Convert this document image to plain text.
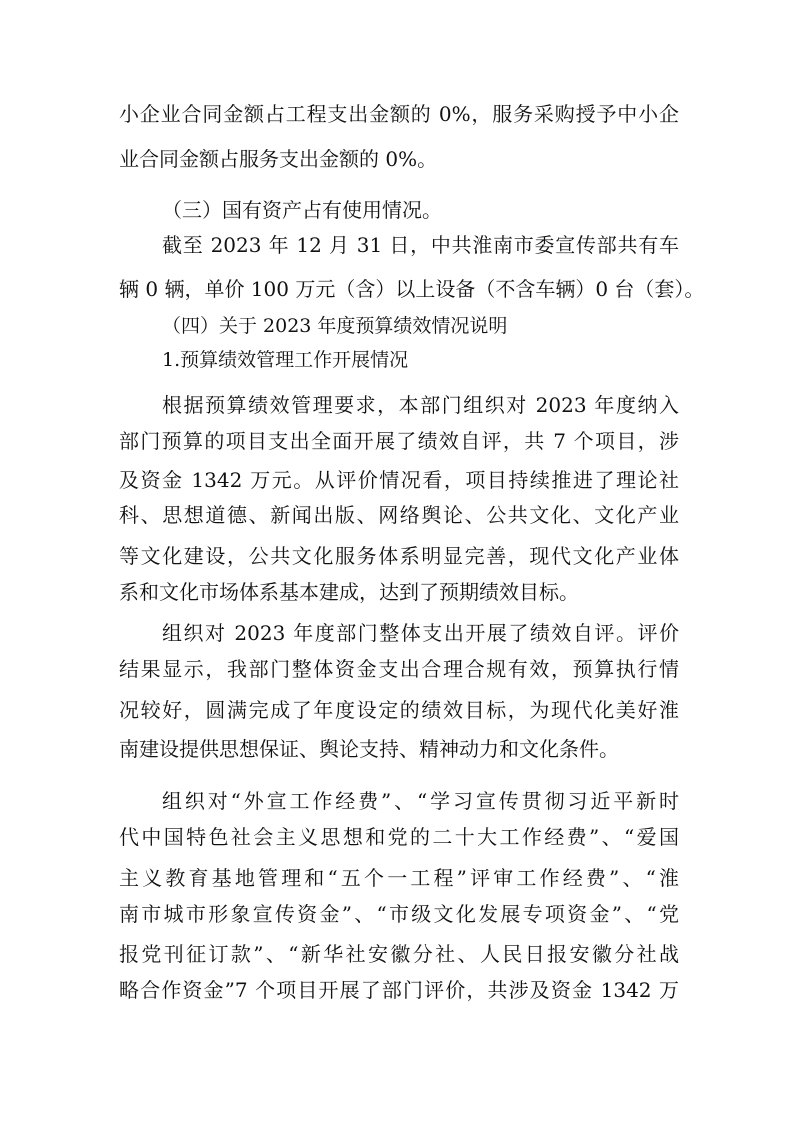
小企业合同金额占工程支出金额的 0%，服务采购授予中小企
业合同金额占服务支出金额的 0%。
（三）国有资产占有使用情况。
截至 2023 年 12 月 31 日，中共淮南市委宣传部共有车
辆 0 辆，单价 100 万元（含）以上设备（不含车辆）0 台（套）。
（四）关于 2023 年度预算绩效情况说明
1.预算绩效管理工作开展情况
根据预算绩效管理要求，本部门组织对 2023 年度纳入
部门预算的项目支出全面开展了绩效自评，共 7 个项目，涉
及资金 1342 万元。从评价情况看，项目持续推进了理论社
科、思想道德、新闻出版、网络舆论、公共文化、文化产业
等文化建设，公共文化服务体系明显完善，现代文化产业体
系和文化市场体系基本建成，达到了预期绩效目标。
组织对 2023 年度部门整体支出开展了绩效自评。评价
结果显示，我部门整体资金支出合理合规有效，预算执行情
况较好，圆满完成了年度设定的绩效目标，为现代化美好淮
南建设提供思想保证、舆论支持、精神动力和文化条件。
组织对“外宣工作经费”、“学习宣传贯彻习近平新时
代中国特色社会主义思想和党的二十大工作经费”、“爱国
主义教育基地管理和“五个一工程”评审工作经费”、“淮
南市城市形象宣传资金”、“市级文化发展专项资金”、“党
报党刊征订款”、“新华社安徽分社、人民日报安徽分社战
略合作资金”7 个项目开展了部门评价，共涉及资金 1342 万
